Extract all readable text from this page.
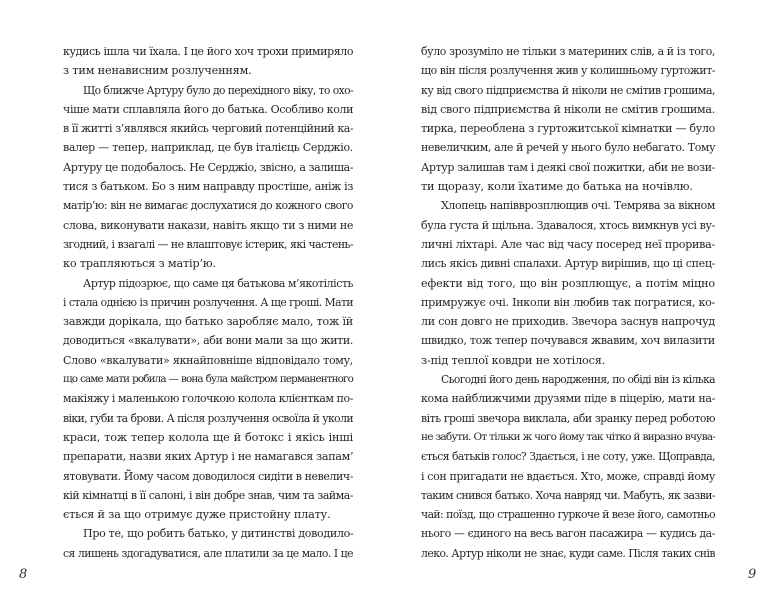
кудись ішла чи їхала. І це його хоч трохи примиряло
з тим ненависним розлученням.
Що ближче Артуру було до перехідного віку, то охо-
чіше мати сплавляла його до батька. Особливо коли
в її житті з’являвся якийсь черговий потенційний ка-
валер — тепер, наприклад, це був італієць Серджіо.
Артуру це подобалось. Не Серджіо, звісно, а залиша-
тися з батьком. Бо з ним направду простіше, аніж із
матір’ю: він не вимагає дослухатися до кожного свого
слова, виконувати накази, навіть якщо ти з ними не
згодний, і взагалі — не влаштовує істерик, які частень-
ко трапляються з матір’ю.
Артур підозрює, що саме ця батькова м’якотілість
і стала однією із причин розлучення. А ще гроші. Мати
завжди дорікала, що батько заробляє мало, тож їй
доводиться «вкалувати», аби вони мали за що жити.
Слово «вкалувати» якнайповніше відповідало тому,
що саме мати робила — вона була майстром перманентного
макіяжу і маленькою голочкою колола клієнткам по-
віки, губи та брови. А після розлучення освоїла й уколи
краси, тож тепер колола ще й ботокс і якісь інші
препарати, назви яких Артур і не намагався запам’
ятовувати. Йому часом доводилося сидіти в невелич-
кій кімнатці в її салоні, і він добре знав, чим та займа-
ється й за що отримує дуже пристойну плату.
Про те, що робить батько, у дитинстві доводило-
ся лишень здогадуватися, але платили за це мало. І це
було зрозуміло не тільки з материних слів, а й із того,
що він після розлучення жив у колишньому гуртожит-
ку від свого підприємства й ніколи не смітив грошима,
від свого підприємства й ніколи не смітив грошима.
тирка, переоблена з гуртожитської кімнатки — було
невеличким, але й речей у нього було небагато. Тому
Артур залишав там і деякі свої пожитки, аби не вози-
ти щоразу, коли їхатиме до батька на ночівлю.
Хлопець напівврозплющив очі. Темрява за вікном
була густа й щільна. Здавалося, хтось вимкнув усі ву-
личні ліхтарі. Але час від часу посеред неї прорива-
лись якісь дивні спалахи. Артур вирішив, що ці спец-
ефекти від того, що він розплющує, а потім мiцно
примружує очі. Інколи він любив так погратися, ко-
ли сон довго не приходив. Звечора заснув напрочуд
швидко, тож тепер почувався жвавим, хоч вилазити
з-під теплої ковдри не хотілося.
Сьогодні його день народження, по обіді він із кілька
кома найближчими друзями піде в піцерію, мати на-
віть гроші звечора виклала, аби зранку перед роботою
не забути. От тільки ж чого йому так чітко й виразно вчува-
ється батьків голос? Здається, і не соту, уже. Щоправда,
і сон пригадати не вдається. Хто, може, справді йому
таким снився батько. Хоча навряд чи. Мабуть, як зазви-
чай: поїзд, що страшенно гуркоче й везе його, самотньо
нього — єдиного на весь вагон пасажира — кудись да-
леко. Артур ніколи не знає, куди саме. Після таких снів
8	9
